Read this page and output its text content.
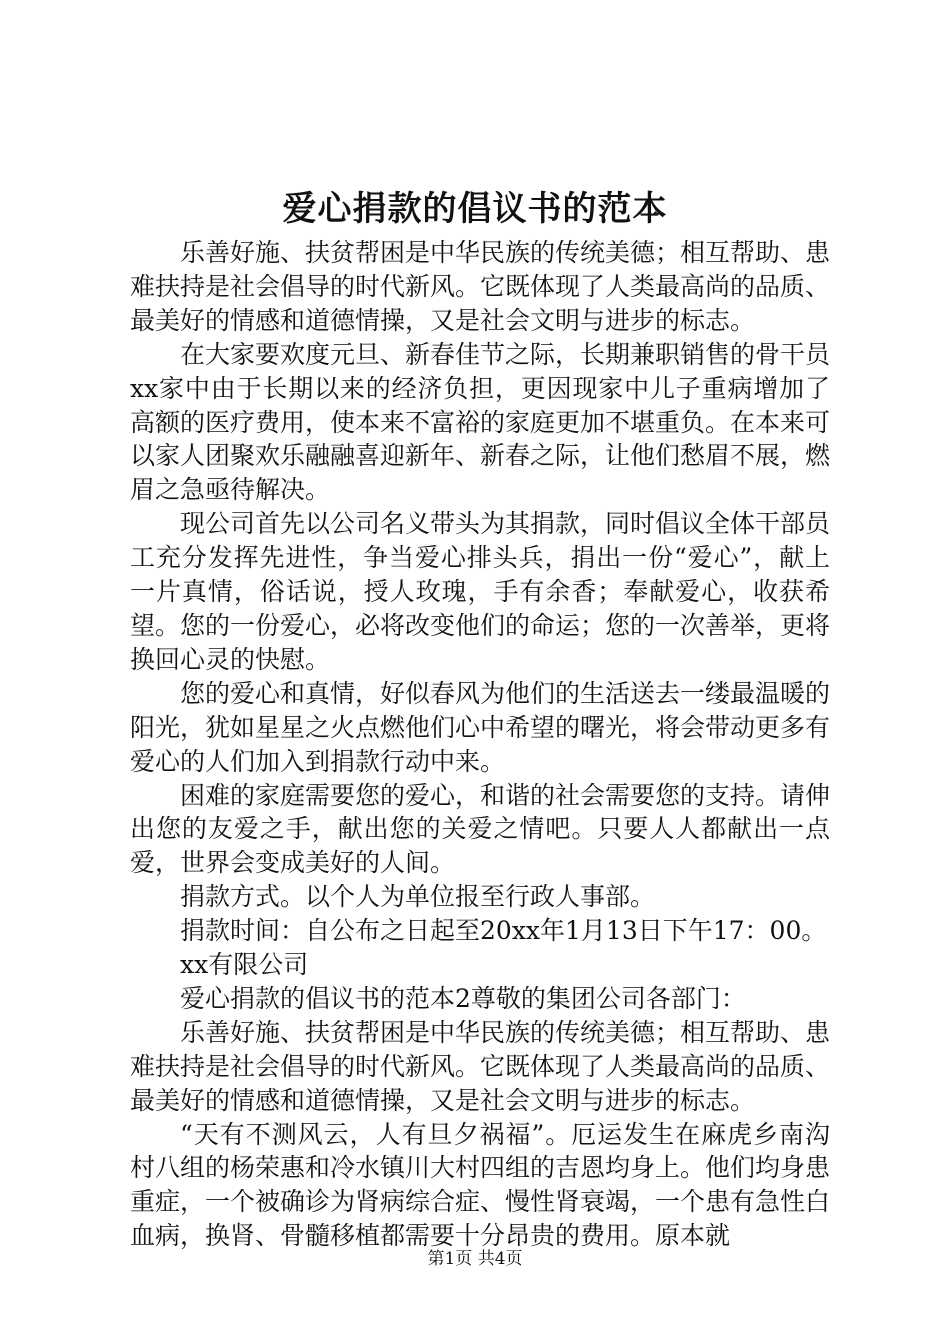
爱心捐款的倡议书的范本

乐善好施、扶贫帮困是中华民族的传统美德；相互帮助、患难扶持是社会倡导的时代新风。它既体现了人类最高尚的品质、最美好的情感和道德情操，又是社会文明与进步的标志。

在大家要欢度元旦、新春佳节之际，长期兼职销售的骨干员xx家中由于长期以来的经济负担，更因现家中儿子重病增加了高额的医疗费用，使本来不富裕的家庭更加不堪重负。在本来可以家人团聚欢乐融融喜迎新年、新春之际，让他们愁眉不展，燃眉之急亟待解决。

现公司首先以公司名义带头为其捐款，同时倡议全体干部员工充分发挥先进性，争当爱心排头兵，捐出一份“爱心”，献上一片真情，俗话说，授人玫瑰，手有余香；奉献爱心，收获希望。您的一份爱心，必将改变他们的命运；您的一次善举，更将换回心灵的快慰。

您的爱心和真情，好似春风为他们的生活送去一缕最温暖的阳光，犹如星星之火点燃他们心中希望的曙光，将会带动更多有爱心的人们加入到捐款行动中来。

困难的家庭需要您的爱心，和谐的社会需要您的支持。请伸出您的友爱之手，献出您的关爱之情吧。只要人人都献出一点爱，世界会变成美好的人间。

捐款方式。以个人为单位报至行政人事部。

捐款时间：自公布之日起至20xx年1月13日下午17：00。

xx有限公司

爱心捐款的倡议书的范本2尊敬的集团公司各部门：

乐善好施、扶贫帮困是中华民族的传统美德；相互帮助、患难扶持是社会倡导的时代新风。它既体现了人类最高尚的品质、最美好的情感和道德情操，又是社会文明与进步的标志。

“天有不测风云，人有旦夕祸福”。厄运发生在麻虎乡南沟村八组的杨荣惠和冷水镇川大村四组的吉恩均身上。他们均身患重症，一个被确诊为肾病综合症、慢性肾衰竭，一个患有急性白血病，换肾、骨髓移植都需要十分昂贵的费用。原本就

第1页 共4页
